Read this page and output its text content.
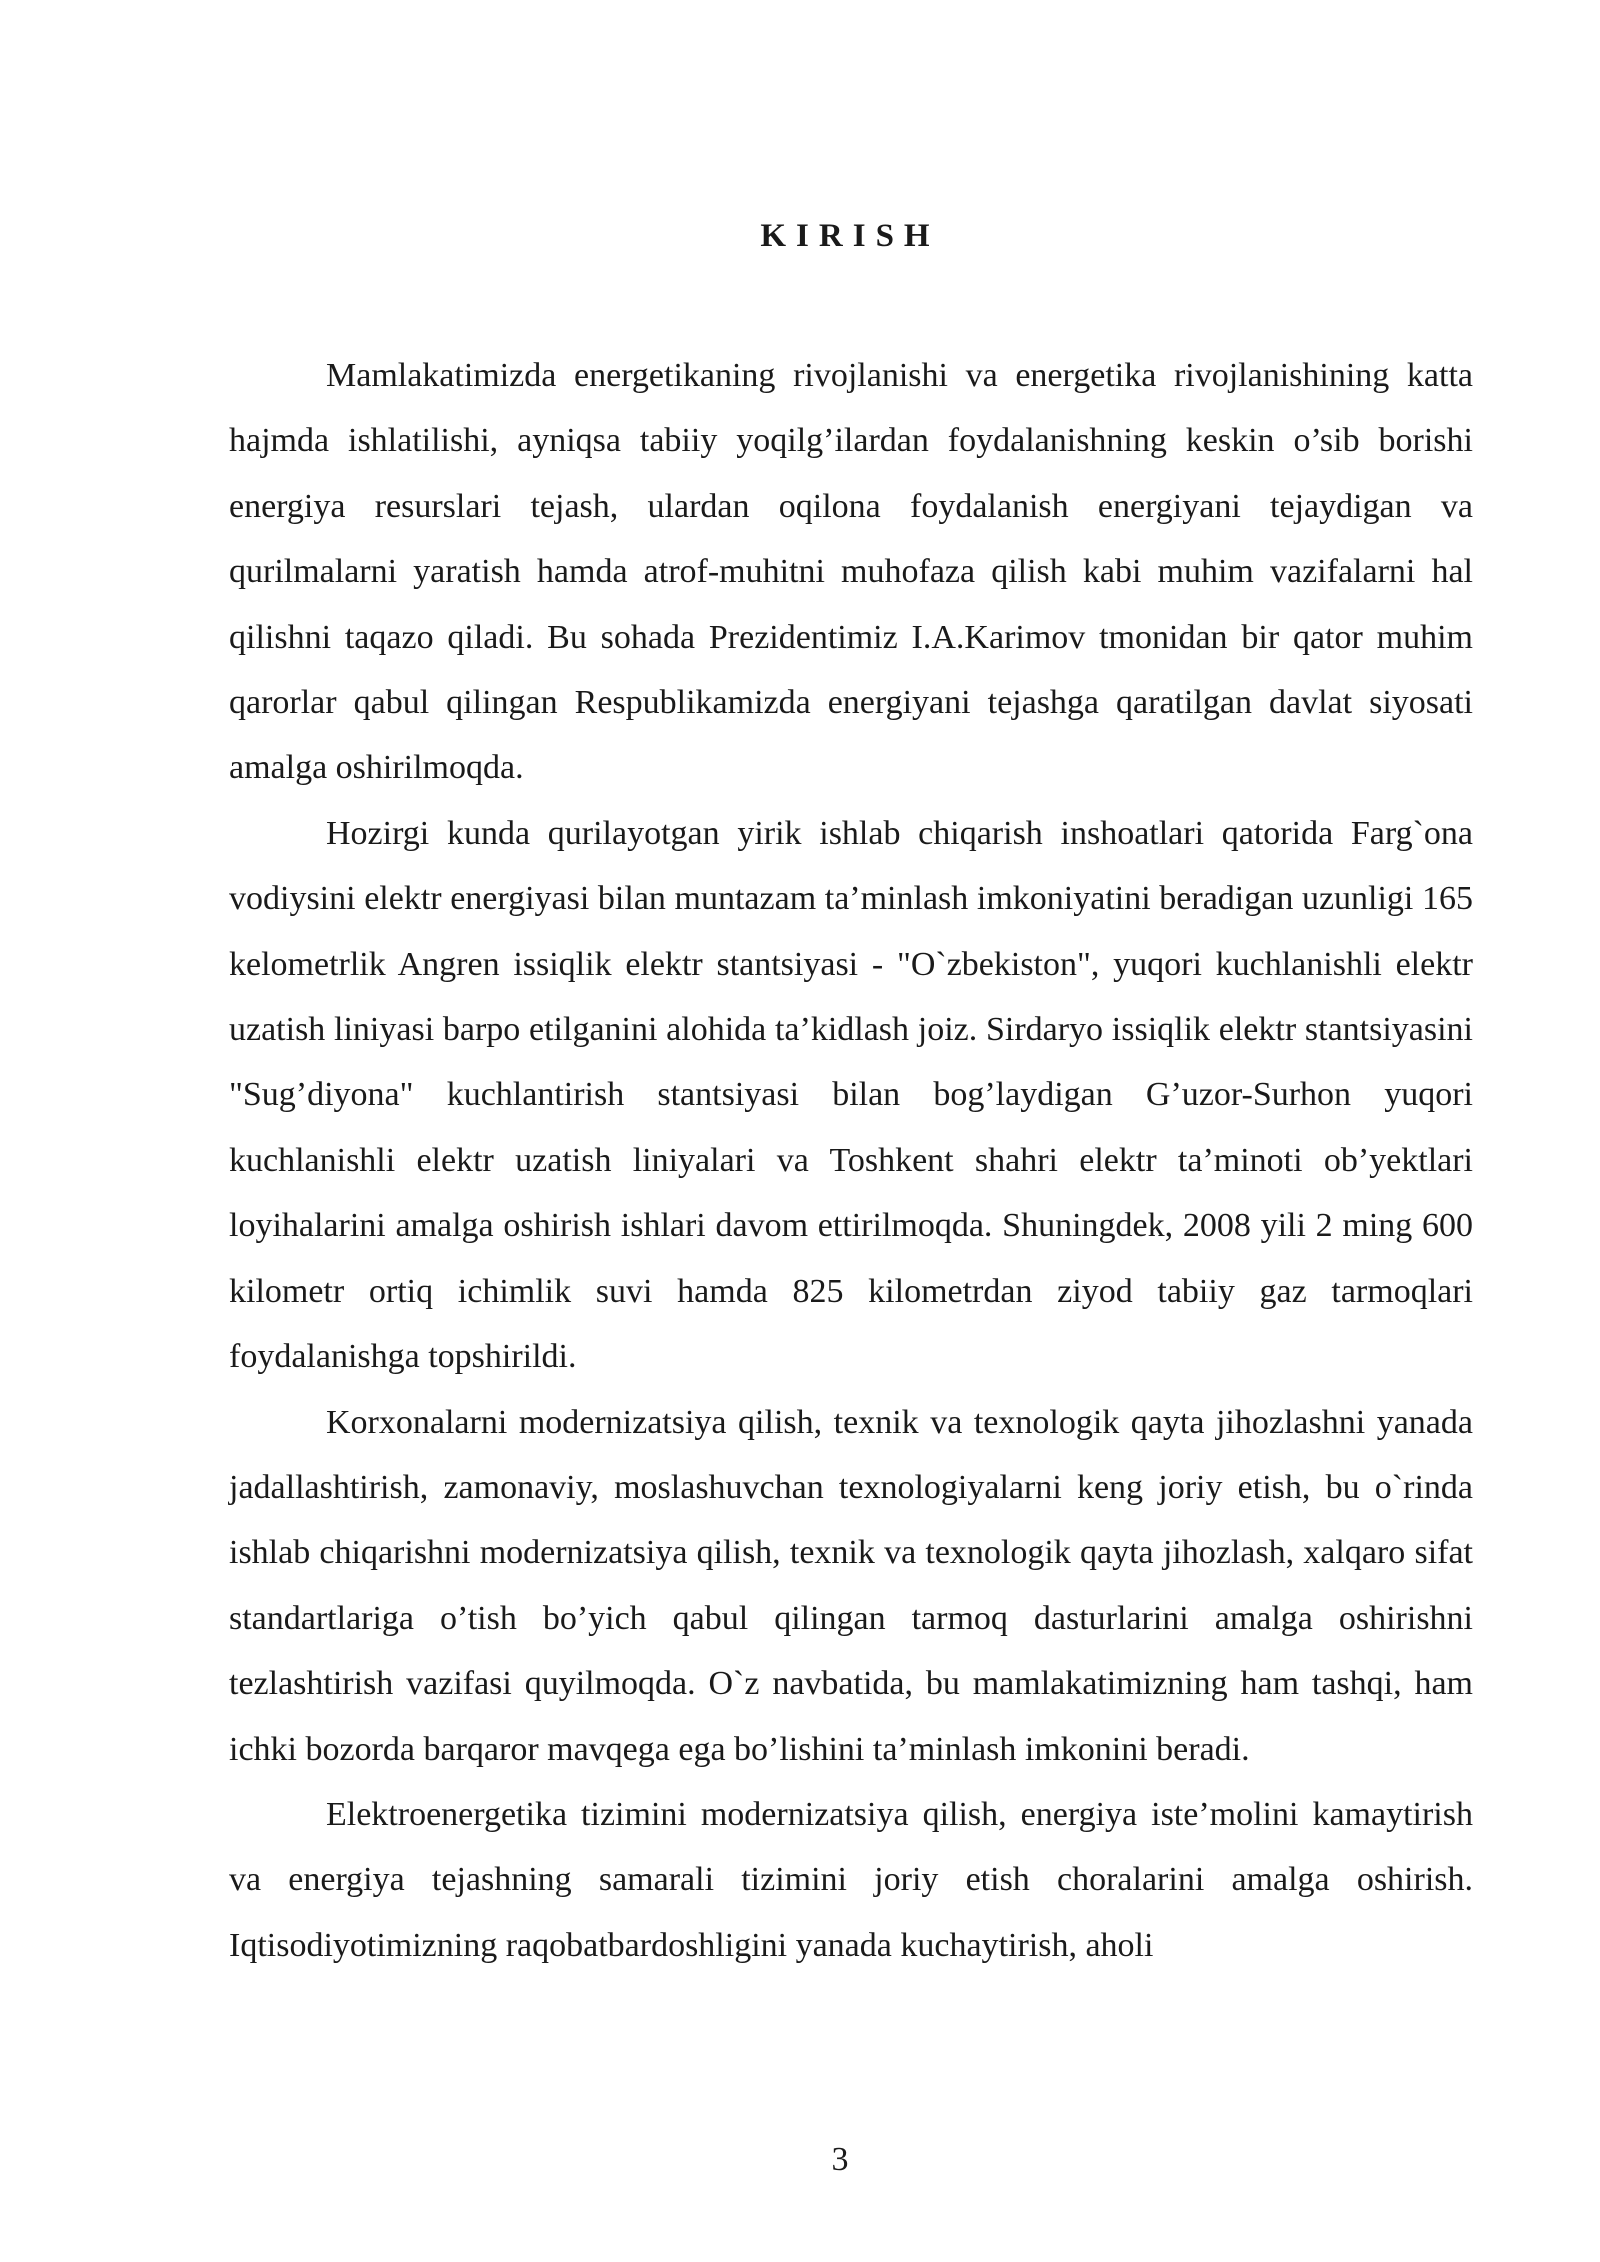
KIRISH

Mamlakatimizda energetikaning rivojlanishi va energetika rivojlanishining katta hajmda ishlatilishi, ayniqsa tabiiy yoqilg’ilardan foydalanishning keskin o’sib borishi energiya resurslari tejash, ulardan oqilona foydalanish energiyani tejaydigan va qurilmalarni yaratish hamda atrof-muhitni muhofaza qilish kabi muhim vazifalarni hal qilishni taqazo qiladi. Bu sohada Prezidentimiz I.A.Karimov tmonidan bir qator muhim qarorlar qabul qilingan Respublikamizda energiyani tejashga qaratilgan davlat siyosati amalga oshirilmoqda.

Hozirgi kunda qurilayotgan yirik ishlab chiqarish inshoatlari qatorida Farg`ona vodiysini elektr energiyasi bilan muntazam ta’minlash imkoniyatini beradigan uzunligi 165 kelometrlik Angren issiqlik elektr stantsiyasi - "O`zbekiston", yuqori kuchlanishli elektr uzatish liniyasi barpo etilganini alohida ta’kidlash joiz. Sirdaryo issiqlik elektr stantsiyasini "Sug’diyona" kuchlantirish stantsiyasi bilan bog’laydigan G’uzor-Surhon yuqori kuchlanishli elektr uzatish liniyalari va Toshkent shahri elektr ta’minoti ob’yektlari loyihalarini amalga oshirish ishlari davom ettirilmoqda. Shuningdek, 2008 yili 2 ming 600 kilometr ortiq ichimlik suvi hamda 825 kilometrdan ziyod tabiiy gaz tarmoqlari foydalanishga topshirildi.

Korxonalarni modernizatsiya qilish, texnik va texnologik qayta jihozlashni yanada jadallashtirish, zamonaviy, moslashuvchan texnologiyalarni keng joriy etish, bu o`rinda ishlab chiqarishni modernizatsiya qilish, texnik va texnologik qayta jihozlash, xalqaro sifat standartlariga o’tish bo’yich qabul qilingan tarmoq dasturlarini amalga oshirishni tezlashtirish vazifasi quyilmoqda. O`z navbatida, bu mamlakatimizning ham tashqi, ham ichki bozorda barqaror mavqega ega bo’lishini ta’minlash imkonini beradi.

Elektroenergetika tizimini modernizatsiya qilish, energiya iste’molini kamaytirish va energiya tejashning samarali tizimini joriy etish choralarini amalga oshirish. Iqtisodiyotimizning raqobatbardoshligini yanada kuchaytirish, aholi

3
